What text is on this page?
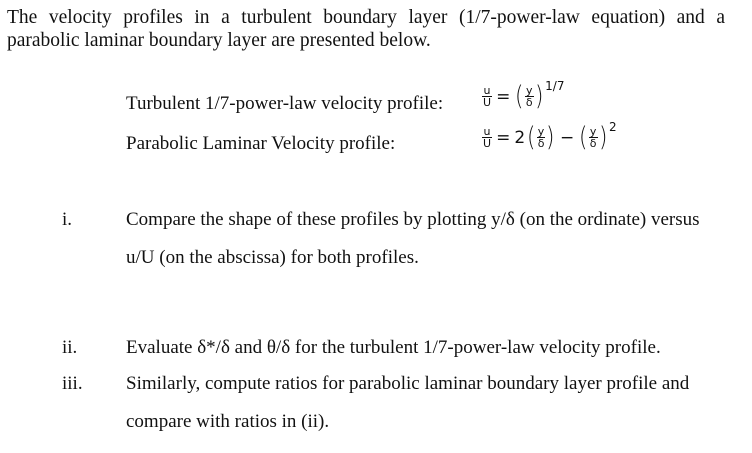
The velocity profiles in a turbulent boundary layer (1/7-power-law equation) and a parabolic laminar boundary layer are presented below.
Turbulent 1/7-power-law velocity profile:	$\frac{u}{U}$ = ( $\frac{y}{\delta}$ ) 1/7
Parabolic Laminar Velocity profile:	$\frac{u}{U} = 2$ ( $\frac{y}{\delta}$ ) − ( $\frac{y}{\delta}$ ) 2
i.	Compare the shape of these profiles by plotting y/δ (on the ordinate) versus u/U (on the abscissa) for both profiles.
ii.	Evaluate δ*/δ and θ/δ for the turbulent 1/7-power-law velocity profile.
iii. Similarly, compute ratios for parabolic laminar boundary layer profile and compare with ratios in (ii).
